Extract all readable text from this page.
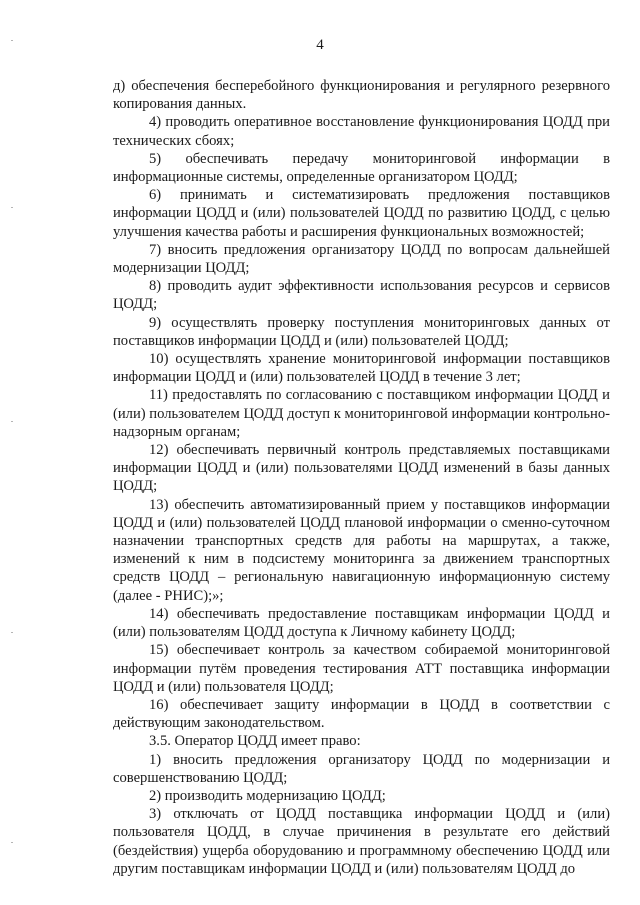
4

д) обеспечения бесперебойного функционирования и регулярного резервного копирования данных.

4) проводить оперативное восстановление функционирования ЦОДД при технических сбоях;

5) обеспечивать передачу мониторинговой информации в информационные системы, определенные организатором ЦОДД;

6) принимать и систематизировать предложения поставщиков информации ЦОДД и (или) пользователей ЦОДД по развитию ЦОДД, с целью улучшения качества работы и расширения функциональных возможностей;

7) вносить предложения организатору ЦОДД по вопросам дальнейшей модернизации ЦОДД;

8) проводить аудит эффективности использования ресурсов и сервисов ЦОДД;

9) осуществлять проверку поступления мониторинговых данных от поставщиков информации ЦОДД и (или) пользователей ЦОДД;

10) осуществлять хранение мониторинговой информации поставщиков информации ЦОДД и (или) пользователей ЦОДД в течение 3 лет;

11) предоставлять по согласованию с поставщиком информации ЦОДД и (или) пользователем ЦОДД доступ к мониторинговой информации контрольно-надзорным органам;

12) обеспечивать первичный контроль представляемых поставщиками информации ЦОДД и (или) пользователями ЦОДД изменений в базы данных ЦОДД;

13) обеспечить автоматизированный прием у поставщиков информации ЦОДД и (или) пользователей ЦОДД плановой информации о сменно-суточном назначении транспортных средств для работы на маршрутах, а также, изменений к ним в подсистему мониторинга за движением транспортных средств ЦОДД – региональную навигационную информационную систему (далее - РНИС);»;

14) обеспечивать предоставление поставщикам информации ЦОДД и (или) пользователям ЦОДД доступа к Личному кабинету ЦОДД;

15) обеспечивает контроль за качеством собираемой мониторинговой информации путём проведения тестирования АТТ поставщика информации ЦОДД и (или) пользователя ЦОДД;

16) обеспечивает защиту информации в ЦОДД в соответствии с действующим законодательством.

3.5. Оператор ЦОДД имеет право:

1) вносить предложения организатору ЦОДД по модернизации и совершенствованию ЦОДД;

2) производить модернизацию ЦОДД;

3) отключать от ЦОДД поставщика информации ЦОДД и (или) пользователя ЦОДД, в случае причинения в результате его действий (бездействия) ущерба оборудованию и программному обеспечению ЦОДД или другим поставщикам информации ЦОДД и (или) пользователям ЦОДД до
